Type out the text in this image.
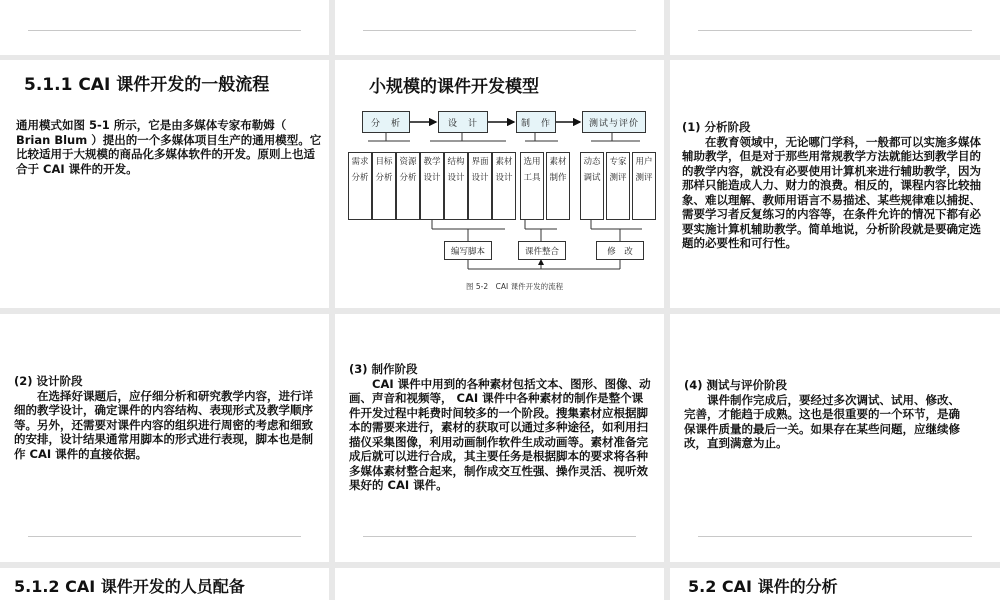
5.1.1 CAI 课件开发的一般流程
通用模式如图 5-1 所示，它是由多媒体专家布勒姆（ Brian Blum ）提出的一个多媒体项目生产的通用模型。它比较适用于大规模的商品化多媒体软件的开发。原则上也适合于 CAI 课件的开发。
小规模的课件开发模型
分　析	设　计	制　作	测试与评价
需求分析
目标分析
资源分析
教学设计
结构设计
界面设计
素材设计
选用工具
素材制作
动态调试
专家测评
用户测评
编写脚本	课件整合	修　改
图 5-2　CAI 课件开发的流程
(1) 分析阶段
在教育领域中，无论哪门学科，一般都可以实施多媒体辅助教学，但是对于那些用常规教学方法就能达到教学目的的教学内容，就没有必要使用计算机来进行辅助教学，因为那样只能造成人力、财力的浪费。相反的，课程内容比较抽象、难以理解、教师用语言不易描述、某些规律难以捕捉、需要学习者反复练习的内容等，在条件允许的情况下都有必要实施计算机辅助教学。简单地说，分析阶段就是要确定选题的必要性和可行性。
(2) 设计阶段
在选择好课题后，应仔细分析和研究教学内容，进行详细的教学设计，确定课件的内容结构、表现形式及教学顺序等。另外，还需要对课件内容的组织进行周密的考虑和细致的安排，设计结果通常用脚本的形式进行表现，脚本也是制作 CAI 课件的直接依据。
(3) 制作阶段
CAI 课件中用到的各种素材包括文本、图形、图像、动画、声音和视频等， CAI 课件中各种素材的制作是整个课件开发过程中耗费时间较多的一个阶段。搜集素材应根据脚本的需要来进行，素材的获取可以通过多种途径，如利用扫描仪采集图像，利用动画制作软件生成动画等。素材准备完成后就可以进行合成，其主要任务是根据脚本的要求将各种多媒体素材整合起来，制作成交互性强、操作灵活、视听效果好的 CAI 课件。
(4) 测试与评价阶段
课件制作完成后，要经过多次调试、试用、修改、完善，才能趋于成熟。这也是很重要的一个环节，是确保课件质量的最后一关。如果存在某些问题，应继续修改，直到满意为止。
5.1.2 CAI 课件开发的人员配备	5.2 CAI 课件的分析
